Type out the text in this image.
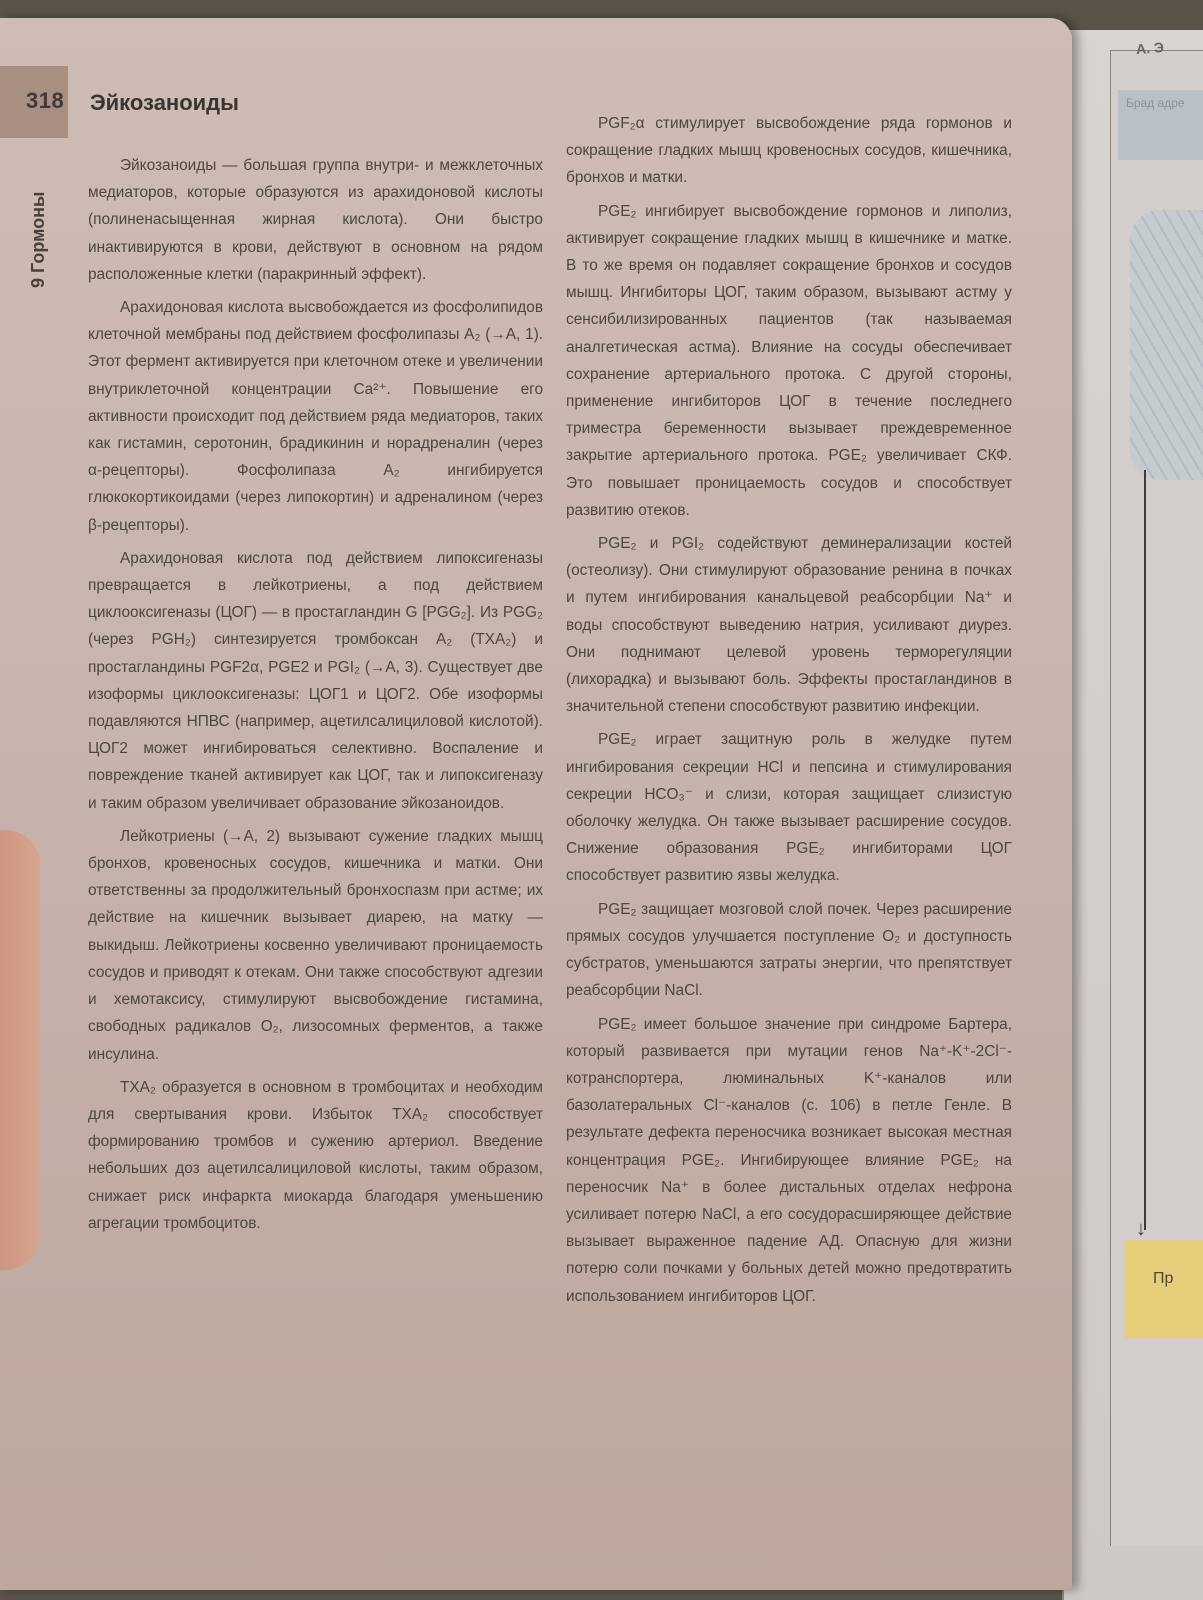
A. Э
Брад адре
↓
Пр
318 Эйкозаноиды
9 Гормоны

Эйкозаноиды — большая группа внутри- и межклеточных медиаторов, которые образуются из арахидоновой кислоты (полиненасыщенная жирная кислота). Они быстро инактивируются в крови, действуют в основном на рядом расположенные клетки (паракринный эффект).

Арахидоновая кислота высвобождается из фосфолипидов клеточной мембраны под действием фосфолипазы A₂ (→A, 1). Этот фермент активируется при клеточном отеке и увеличении внутриклеточной концентрации Ca²⁺. Повышение его активности происходит под действием ряда медиаторов, таких как гистамин, серотонин, брадикинин и норадреналин (через α-рецепторы). Фосфолипаза A₂ ингибируется глюкокортикоидами (через липокортин) и адреналином (через β-рецепторы).

Арахидоновая кислота под действием липоксигеназы превращается в лейкотриены, а под действием циклооксигеназы (ЦОГ) — в простагландин G [PGG₂]. Из PGG₂ (через PGH₂) синтезируется тромбоксан A₂ (TXA₂) и простагландины PGF2α, PGE2 и PGI₂ (→A, 3). Существует две изоформы циклооксигеназы: ЦОГ1 и ЦОГ2. Обе изоформы подавляются НПВС (например, ацетилсалициловой кислотой). ЦОГ2 может ингибироваться селективно. Воспаление и повреждение тканей активирует как ЦОГ, так и липоксигеназу и таким образом увеличивает образование эйкозаноидов.

Лейкотриены (→A, 2) вызывают сужение гладких мышц бронхов, кровеносных сосудов, кишечника и матки. Они ответственны за продолжительный бронхоспазм при астме; их действие на кишечник вызывает диарею, на матку — выкидыш. Лейкотриены косвенно увеличивают проницаемость сосудов и приводят к отекам. Они также способствуют адгезии и хемотаксису, стимулируют высвобождение гистамина, свободных радикалов O₂, лизосомных ферментов, а также инсулина.

TXA₂ образуется в основном в тромбоцитах и необходим для свертывания крови. Избыток TXA₂ способствует формированию тромбов и сужению артериол. Введение небольших доз ацетилсалициловой кислоты, таким образом, снижает риск инфаркта миокарда благодаря уменьшению агрегации тромбоцитов.

PGF₂α стимулирует высвобождение ряда гормонов и сокращение гладких мышц кровеносных сосудов, кишечника, бронхов и матки.

PGE₂ ингибирует высвобождение гормонов и липолиз, активирует сокращение гладких мышц в кишечнике и матке. В то же время он подавляет сокращение бронхов и сосудов мышц. Ингибиторы ЦОГ, таким образом, вызывают астму у сенсибилизированных пациентов (так называемая аналгетическая астма). Влияние на сосуды обеспечивает сохранение артериального протока. С другой стороны, применение ингибиторов ЦОГ в течение последнего триместра беременности вызывает преждевременное закрытие артериального протока. PGE₂ увеличивает СКФ. Это повышает проницаемость сосудов и способствует развитию отеков.

PGE₂ и PGI₂ содействуют деминерализации костей (остеолизу). Они стимулируют образование ренина в почках и путем ингибирования канальцевой реабсорбции Na⁺ и воды способствуют выведению натрия, усиливают диурез. Они поднимают целевой уровень терморегуляции (лихорадка) и вызывают боль. Эффекты простагландинов в значительной степени способствуют развитию инфекции.

PGE₂ играет защитную роль в желудке путем ингибирования секреции HCl и пепсина и стимулирования секреции HCO₃⁻ и слизи, которая защищает слизистую оболочку желудка. Он также вызывает расширение сосудов. Снижение образования PGE₂ ингибиторами ЦОГ способствует развитию язвы желудка.

PGE₂ защищает мозговой слой почек. Через расширение прямых сосудов улучшается поступление O₂ и доступность субстратов, уменьшаются затраты энергии, что препятствует реабсорбции NaCl.

PGE₂ имеет большое значение при синдроме Бартера, который развивается при мутации генов Na⁺-K⁺-2Cl⁻-котранспортера, люминальных K⁺-каналов или базолатеральных Cl⁻-каналов (с. 106) в петле Генле. В результате дефекта переносчика возникает высокая местная концентрация PGE₂. Ингибирующее влияние PGE₂ на переносчик Na⁺ в более дистальных отделах нефрона усиливает потерю NaCl, а его сосудорасширяющее действие вызывает выраженное падение АД. Опасную для жизни потерю соли почками у больных детей можно предотвратить использованием ингибиторов ЦОГ.
